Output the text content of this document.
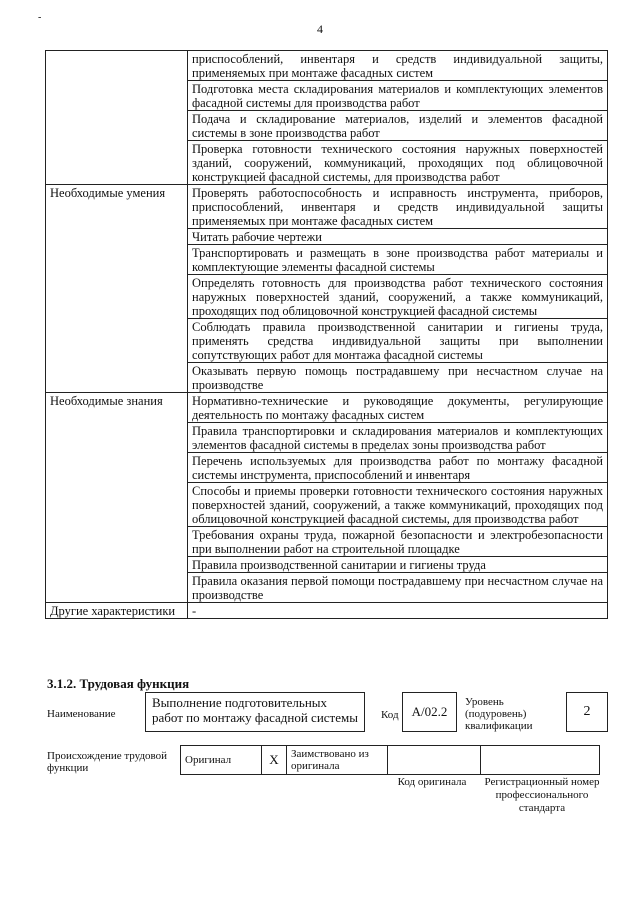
-
4
	приспособлений, инвентаря и средств индивидуальной защиты, применяемых при монтаже фасадных систем
	Подготовка места складирования материалов и комплектующих элементов фасадной системы для производства работ
	Подача и складирование материалов, изделий и элементов фасадной системы в зоне производства работ
	Проверка готовности технического состояния наружных поверхностей зданий, сооружений, коммуникаций, проходящих под облицовочной конструкцией фасадной системы, для производства работ
Необходимые умения	Проверять работоспособность и исправность инструмента, приборов, приспособлений, инвентаря и средств индивидуальной защиты применяемых при монтаже фасадных систем
	Читать рабочие чертежи
	Транспортировать и размещать в зоне производства работ материалы и комплектующие элементы фасадной системы
	Определять готовность для производства работ технического состояния наружных поверхностей зданий, сооружений, а также коммуникаций, проходящих под облицовочной конструкцией фасадной системы
	Соблюдать правила производственной санитарии и гигиены труда, применять средства индивидуальной защиты при выполнении сопутствующих работ для монтажа фасадной системы
	Оказывать первую помощь пострадавшему при несчастном случае на производстве
Необходимые знания	Нормативно-технические и руководящие документы, регулирующие деятельность по монтажу фасадных систем
	Правила транспортировки и складирования материалов и комплектующих элементов фасадной системы в пределах зоны производства работ
	Перечень используемых для производства работ по монтажу фасадной системы инструмента, приспособлений и инвентаря
	Способы и приемы проверки готовности технического состояния наружных поверхностей зданий, сооружений, а также коммуникаций, проходящих под облицовочной конструкцией фасадной системы, для производства работ
	Требования охраны труда, пожарной безопасности и электробезопасности при выполнении работ на строительной площадке
	Правила производственной санитарии и гигиены труда
	Правила оказания первой помощи пострадавшему при несчастном случае на производстве
Другие характеристики	-
3.1.2. Трудовая функция
Наименование
Выполнение подготовительных работ по монтажу фасадной системы	Код A/02.2
Уровень (подуровень) квалификации
2
Происхождение трудовой функции
Оригинал	X	Заимствовано из оригинала		
Код оригинала	Регистрационный номер профессионального стандарта
